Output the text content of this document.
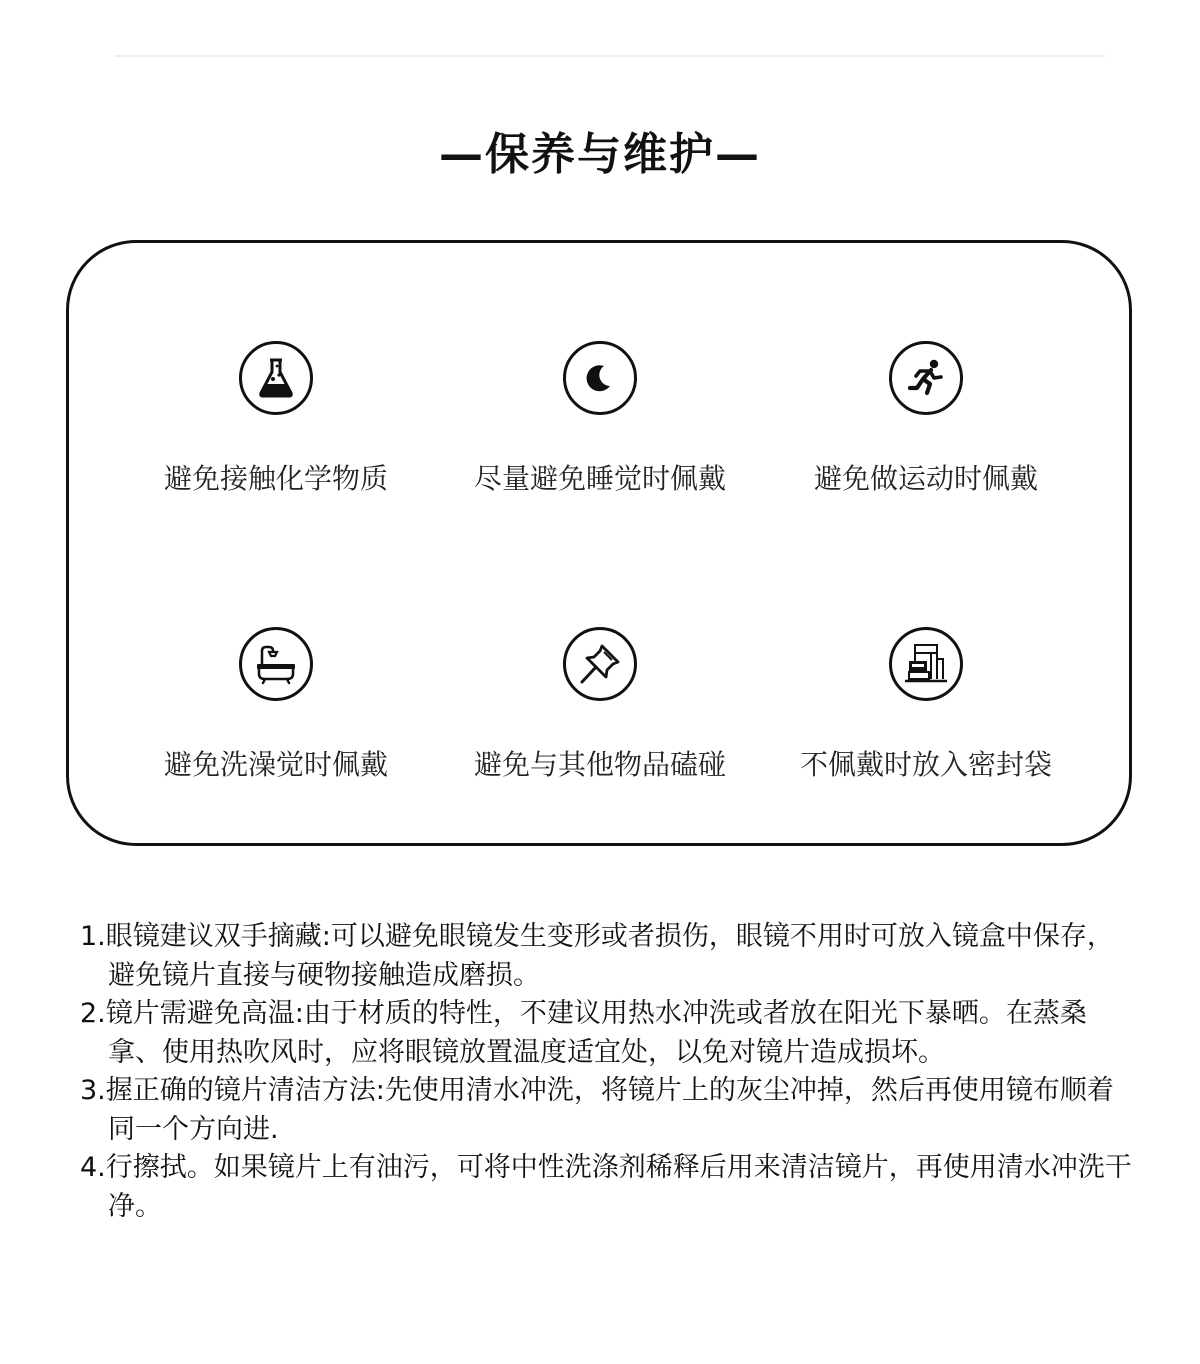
—保养与维护—
避免接触化学物质	尽量避免睡觉时佩戴	避免做运动时佩戴
避免洗澡觉时佩戴	避免与其他物品磕碰	不佩戴时放入密封袋
1.眼镜建议双手摘藏:可以避免眼镜发生变形或者损伤，眼镜不用时可放入镜盒中保存，避免镜片直接与硬物接触造成磨损。
2.镜片需避免高温:由于材质的特性，不建议用热水冲洗或者放在阳光下暴晒。在蒸桑拿、使用热吹风时，应将眼镜放置温度适宜处，以免对镜片造成损坏。
3.握正确的镜片清洁方法:先使用清水冲洗，将镜片上的灰尘冲掉，然后再使用镜布顺着同一个方向进.
4.行擦拭。如果镜片上有油污，可将中性洗涤剂稀释后用来清洁镜片，再使用清水冲洗干净。
